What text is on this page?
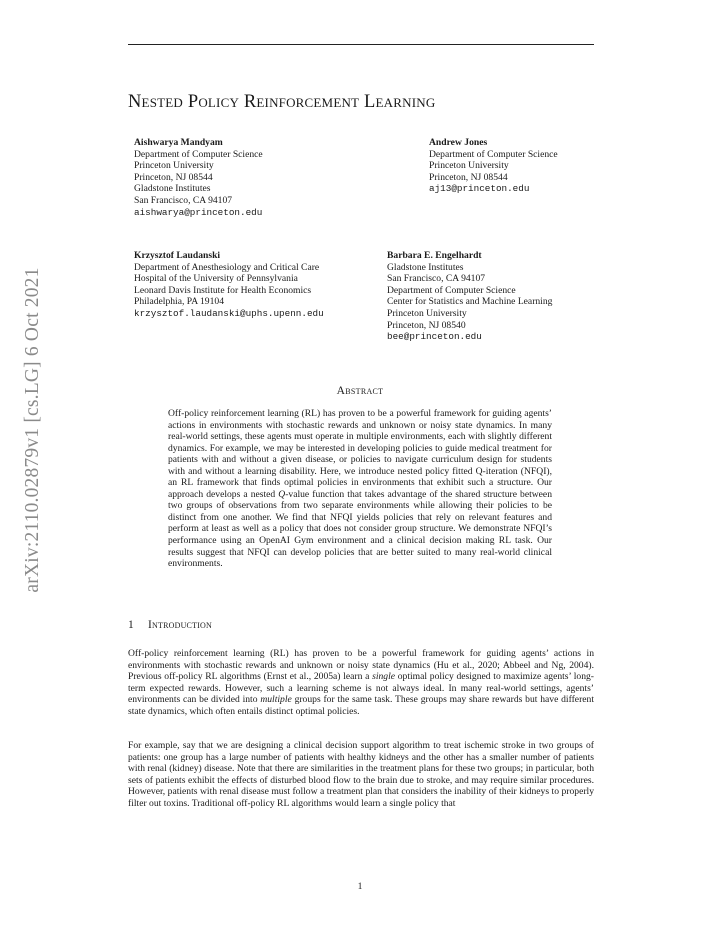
arXiv:2110.02879v1 [cs.LG] 6 Oct 2021
Nested Policy Reinforcement Learning
Aishwarya Mandyam
Department of Computer Science
Princeton University
Princeton, NJ 08544
Gladstone Institutes
San Francisco, CA 94107
aishwarya@princeton.edu
Andrew Jones
Department of Computer Science
Princeton University
Princeton, NJ 08544
aj13@princeton.edu
Krzysztof Laudanski
Department of Anesthesiology and Critical Care
Hospital of the University of Pennsylvania
Leonard Davis Institute for Health Economics
Philadelphia, PA 19104
krzysztof.laudanski@uphs.upenn.edu
Barbara E. Engelhardt
Gladstone Institutes
San Francisco, CA 94107
Department of Computer Science
Center for Statistics and Machine Learning
Princeton University
Princeton, NJ 08540
bee@princeton.edu
Abstract

Off-policy reinforcement learning (RL) has proven to be a powerful framework for guiding agents’ actions in environments with stochastic rewards and unknown or noisy state dynamics. In many real-world settings, these agents must operate in multiple environments, each with slightly different dynamics. For example, we may be interested in developing policies to guide medical treatment for patients with and without a given disease, or policies to navigate curriculum design for students with and without a learning disability. Here, we introduce nested policy fitted Q-iteration (NFQI), an RL framework that finds optimal policies in environments that exhibit such a structure. Our approach develops a nested Q-value function that takes advantage of the shared structure between two groups of observations from two separate environments while allowing their policies to be distinct from one another. We find that NFQI yields policies that rely on relevant features and perform at least as well as a policy that does not consider group structure. We demonstrate NFQI’s performance using an OpenAI Gym environment and a clinical decision making RL task. Our results suggest that NFQI can develop policies that are better suited to many real-world clinical environments.

1 Introduction

Off-policy reinforcement learning (RL) has proven to be a powerful framework for guiding agents’ actions in environments with stochastic rewards and unknown or noisy state dynamics (Hu et al., 2020; Abbeel and Ng, 2004). Previous off-policy RL algorithms (Ernst et al., 2005a) learn a single optimal policy designed to maximize agents’ long-term expected rewards. However, such a learning scheme is not always ideal. In many real-world settings, agents’ environments can be divided into multiple groups for the same task. These groups may share rewards but have different state dynamics, which often entails distinct optimal policies.

For example, say that we are designing a clinical decision support algorithm to treat ischemic stroke in two groups of patients: one group has a large number of patients with healthy kidneys and the other has a smaller number of patients with renal (kidney) disease. Note that there are similarities in the treatment plans for these two groups; in particular, both sets of patients exhibit the effects of disturbed blood flow to the brain due to stroke, and may require similar procedures. However, patients with renal disease must follow a treatment plan that considers the inability of their kidneys to properly filter out toxins. Traditional off-policy RL algorithms would learn a single policy that

1
